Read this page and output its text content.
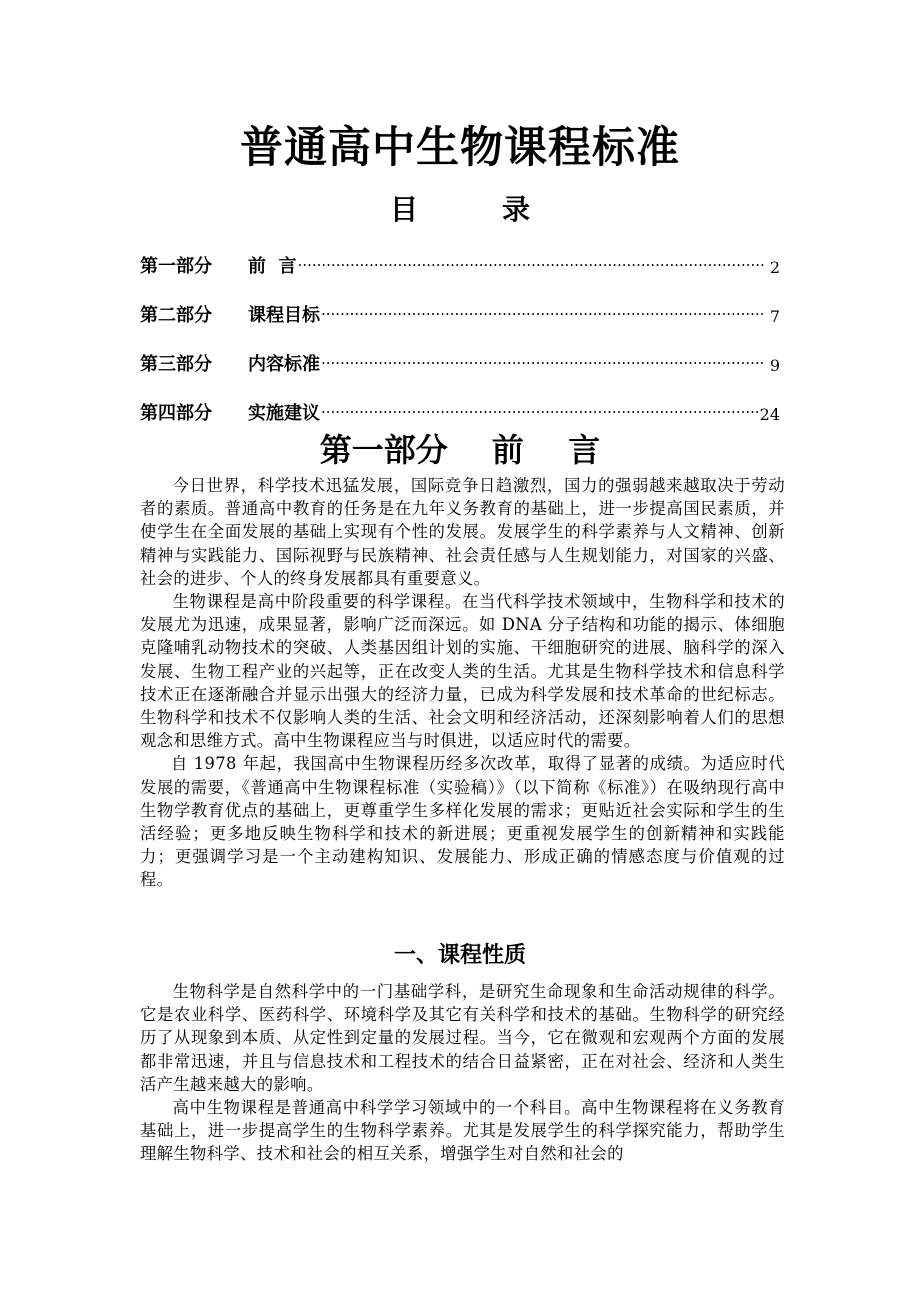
普通高中生物课程标准
目	录
第一部分	前  言 ·····	2
第二部分	课程目标 ·····	7
第三部分	内容标准 ·····	9
第四部分	实施建议 ·····	24
第一部分 前    言

今日世界，科学技术迅猛发展，国际竞争日趋激烈，国力的强弱越来越取决于劳动者的素质。普通高中教育的任务是在九年义务教育的基础上，进一步提高国民素质，并使学生在全面发展的基础上实现有个性的发展。发展学生的科学素养与人文精神、创新精神与实践能力、国际视野与民族精神、社会责任感与人生规划能力，对国家的兴盛、社会的进步、个人的终身发展都具有重要意义。

生物课程是高中阶段重要的科学课程。在当代科学技术领域中，生物科学和技术的发展尤为迅速，成果显著，影响广泛而深远。如 DNA 分子结构和功能的揭示、体细胞克隆哺乳动物技术的突破、人类基因组计划的实施、干细胞研究的进展、脑科学的深入发展、生物工程产业的兴起等，正在改变人类的生活。尤其是生物科学技术和信息科学技术正在逐渐融合并显示出强大的经济力量，已成为科学发展和技术革命的世纪标志。生物科学和技术不仅影响人类的生活、社会文明和经济活动，还深刻影响着人们的思想观念和思维方式。高中生物课程应当与时俱进，以适应时代的需要。

自 1978 年起，我国高中生物课程历经多次改革，取得了显著的成绩。为适应时代发展的需要，《普通高中生物课程标准（实验稿）》（以下简称《标准》）在吸纳现行高中生物学教育优点的基础上，更尊重学生多样化发展的需求；更贴近社会实际和学生的生活经验；更多地反映生物科学和技术的新进展；更重视发展学生的创新精神和实践能力；更强调学习是一个主动建构知识、发展能力、形成正确的情感态度与价值观的过程。

一、课程性质

生物科学是自然科学中的一门基础学科，是研究生命现象和生命活动规律的科学。它是农业科学、医药科学、环境科学及其它有关科学和技术的基础。生物科学的研究经历了从现象到本质、从定性到定量的发展过程。当今，它在微观和宏观两个方面的发展都非常迅速，并且与信息技术和工程技术的结合日益紧密，正在对社会、经济和人类生活产生越来越大的影响。

高中生物课程是普通高中科学学习领域中的一个科目。高中生物课程将在义务教育基础上，进一步提高学生的生物科学素养。尤其是发展学生的科学探究能力，帮助学生理解生物科学、技术和社会的相互关系，增强学生对自然和社会的
